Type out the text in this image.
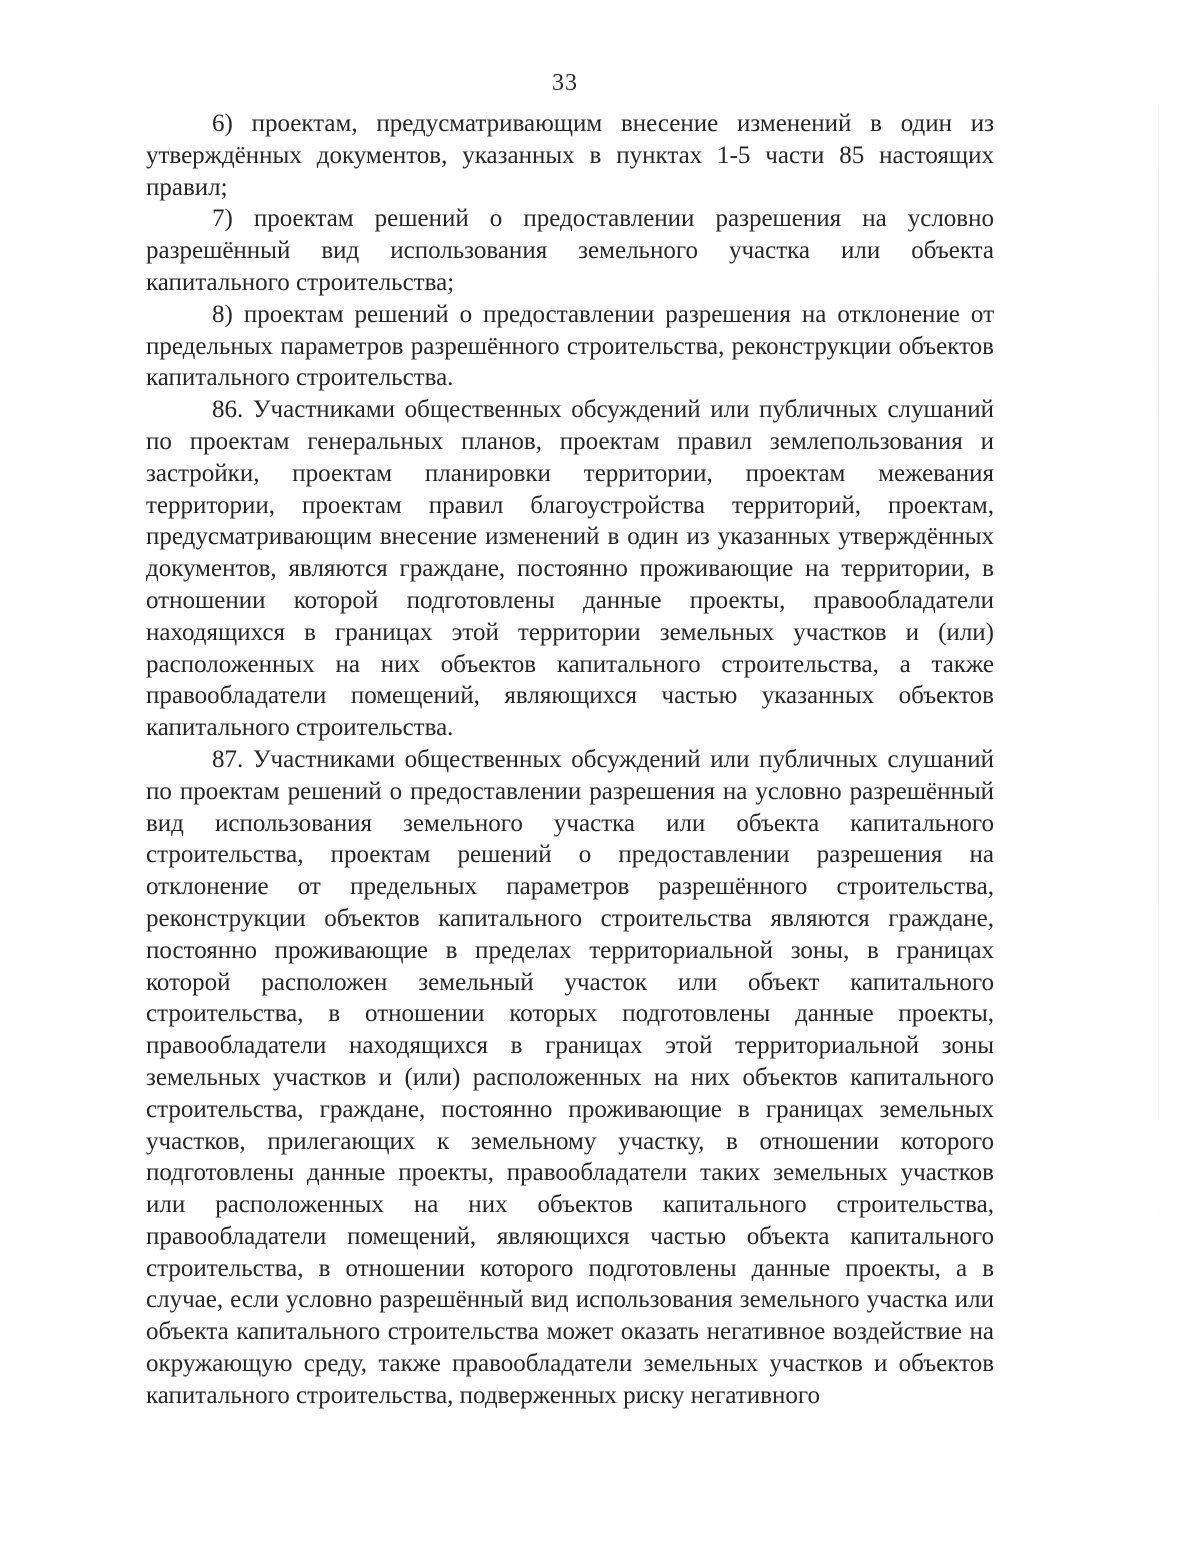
33

6) проектам, предусматривающим внесение изменений в один из утверждённых документов, указанных в пунктах 1-5 части 85 настоящих правил;

7) проектам решений о предоставлении разрешения на условно разрешённый вид использования земельного участка или объекта капитального строительства;

8) проектам решений о предоставлении разрешения на отклонение от предельных параметров разрешённого строительства, реконструкции объектов капитального строительства.

86. Участниками общественных обсуждений или публичных слушаний по проектам генеральных планов, проектам правил землепользования и застройки, проектам планировки территории, проектам межевания территории, проектам правил благоустройства территорий, проектам, предусматривающим внесение изменений в один из указанных утверждённых документов, являются граждане, постоянно проживающие на территории, в отношении которой подготовлены данные проекты, правообладатели находящихся в границах этой территории земельных участков и (или) расположенных на них объектов капитального строительства, а также правообладатели помещений, являющихся частью указанных объектов капитального строительства.

87. Участниками общественных обсуждений или публичных слушаний по проектам решений о предоставлении разрешения на условно разрешённый вид использования земельного участка или объекта капитального строительства, проектам решений о предоставлении разрешения на отклонение от предельных параметров разрешённого строительства, реконструкции объектов капитального строительства являются граждане, постоянно проживающие в пределах территориальной зоны, в границах которой расположен земельный участок или объект капитального строительства, в отношении которых подготовлены данные проекты, правообладатели находящихся в границах этой территориальной зоны земельных участков и (или) расположенных на них объектов капитального строительства, граждане, постоянно проживающие в границах земельных участков, прилегающих к земельному участку, в отношении которого подготовлены данные проекты, правообладатели таких земельных участков или расположенных на них объектов капитального строительства, правообладатели помещений, являющихся частью объекта капитального строительства, в отношении которого подготовлены данные проекты, а в случае, если условно разрешённый вид использования земельного участка или объекта капитального строительства может оказать негативное воздействие на окружающую среду, также правообладатели земельных участков и объектов капитального строительства, подверженных риску негативного
